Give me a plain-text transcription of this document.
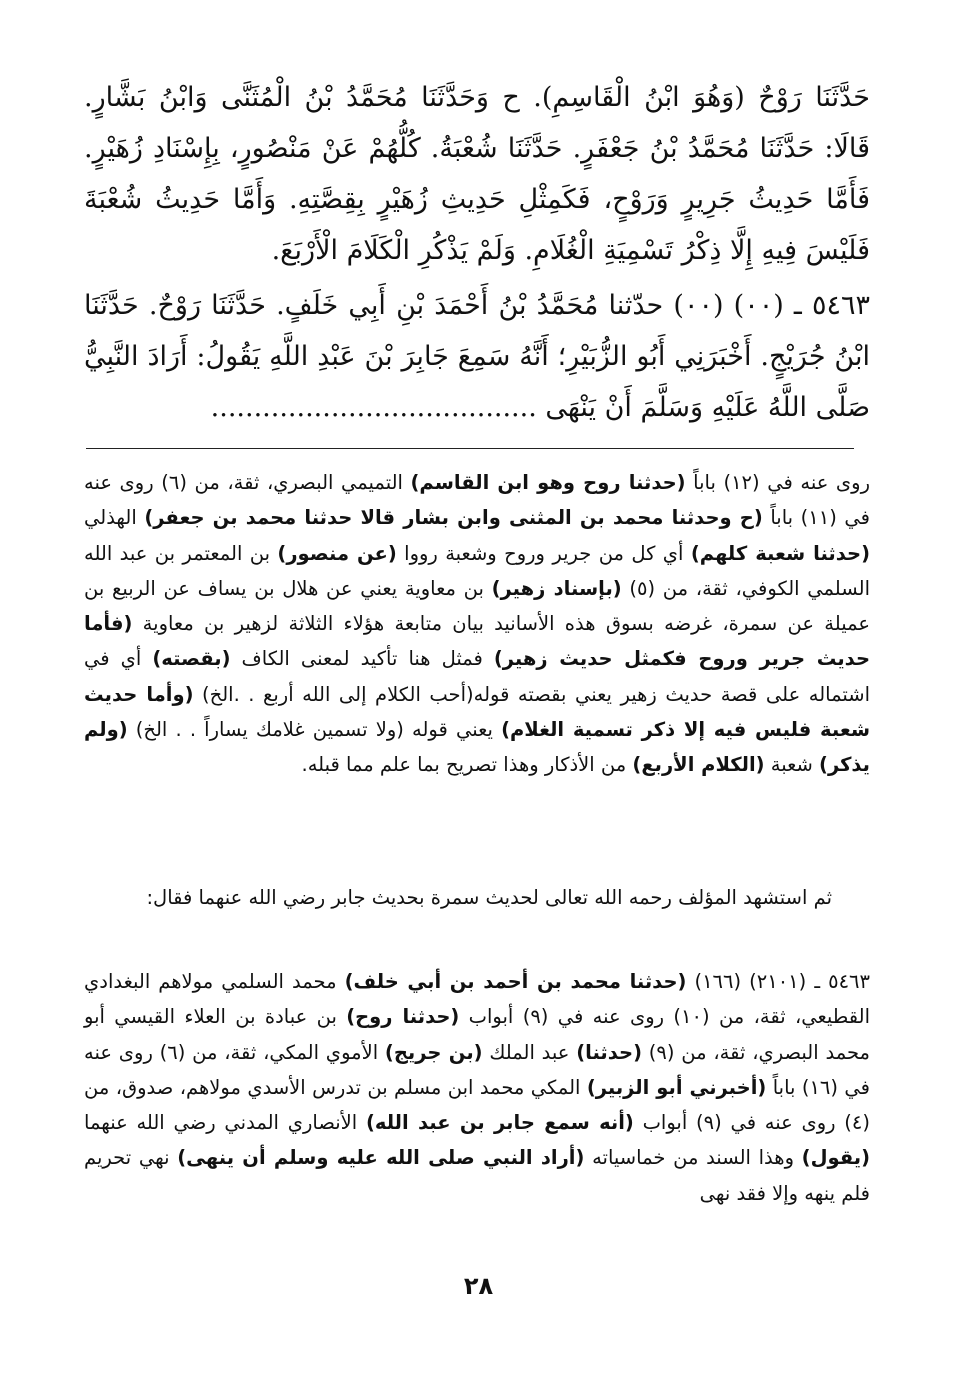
حَدَّثَنَا رَوْحٌ (وَهُوَ ابْنُ الْقَاسِمِ). ح وَحَدَّثَنَا مُحَمَّدُ بْنُ الْمُثَنَّى وَابْنُ بَشَّارٍ. قَالَا: حَدَّثَنَا مُحَمَّدُ بْنُ جَعْفَرٍ. حَدَّثَنَا شُعْبَةُ. كُلُّهُمْ عَنْ مَنْصُورٍ، بِإِسْنَادِ زُهَيْرٍ. فَأَمَّا حَدِيثُ جَرِيرٍ وَرَوْحٍ، فَكَمِثْلِ حَدِيثِ زُهَيْرٍ بِقِصَّتِهِ. وَأَمَّا حَدِيثُ شُعْبَةَ فَلَيْسَ فِيهِ إِلَّا ذِكْرُ تَسْمِيَةِ الْغُلَامِ. وَلَمْ يَذْكُرِ الْكَلَامَ الْأَرْبَعَ.

٥٤٦٣ ـ (٠٠) (٠٠) حدّثنا مُحَمَّدُ بْنُ أَحْمَدَ بْنِ أَبِي خَلَفٍ. حَدَّثَنَا رَوْحٌ. حَدَّثَنَا ابْنُ جُرَيْجٍ. أَخْبَرَنِي أَبُو الزُّبَيْرِ؛ أَنَّهُ سَمِعَ جَابِرَ بْنَ عَبْدِ اللَّهِ يَقُولُ: أَرَادَ النَّبِيُّ صَلَّى اللَّهُ عَلَيْهِ وَسَلَّمَ أَنْ يَنْهَى ......................................

روى عنه في (١٢) باباً (حدثنا روح وهو ابن القاسم) التميمي البصري، ثقة، من (٦) روى عنه في (١١) باباً (ح وحدثنا محمد بن المثنى وابن بشار قالا حدثنا محمد بن جعفر) الهذلي (حدثنا شعبة كلهم) أي كل من جرير وروح وشعبة رووا (عن منصور) بن المعتمر بن عبد الله السلمي الكوفي، ثقة، من (٥) (بإسناد زهير) بن معاوية يعني عن هلال بن يساف عن الربيع بن عميلة عن سمرة، غرضه بسوق هذه الأسانيد بيان متابعة هؤلاء الثلاثة لزهير بن معاوية (فأما حديث جرير وروح فكمثل حديث زهير) فمثل هنا تأكيد لمعنى الكاف (بقصته) أي في اشتماله على قصة حديث زهير يعني بقصته قوله(أحب الكلام إلى الله أربع . .الخ) (وأما حديث شعبة فليس فيه إلا ذكر تسمية الغلام) يعني قوله (ولا تسمين غلامك يساراً . . الخ) (ولم يذكر) شعبة (الكلام الأربع) من الأذكار وهذا تصريح بما علم مما قبله.

ثم استشهد المؤلف رحمه الله تعالى لحديث سمرة بحديث جابر رضي الله عنهما فقال:

٥٤٦٣ ـ (٢١٠١) (١٦٦) (حدثنا محمد بن أحمد بن أبي خلف) محمد السلمي مولاهم البغدادي القطيعي، ثقة، من (١٠) روى عنه في (٩) أبواب (حدثنا روح) بن عبادة بن العلاء القيسي أبو محمد البصري، ثقة، من (٩) (حدثنا) عبد الملك (بن جريج) الأموي المكي، ثقة، من (٦) روى عنه في (١٦) باباً (أخبرني أبو الزبير) المكي محمد ابن مسلم بن تدرس الأسدي مولاهم، صدوق، من (٤) روى عنه في (٩) أبواب (أنه سمع جابر بن عبد الله) الأنصاري المدني رضي الله عنهما (يقول) وهذا السند من خماسياته (أراد النبي صلى الله عليه وسلم أن ينهى) نهي تحريم فلم ينهه وإلا فقد نهى

٢٨
